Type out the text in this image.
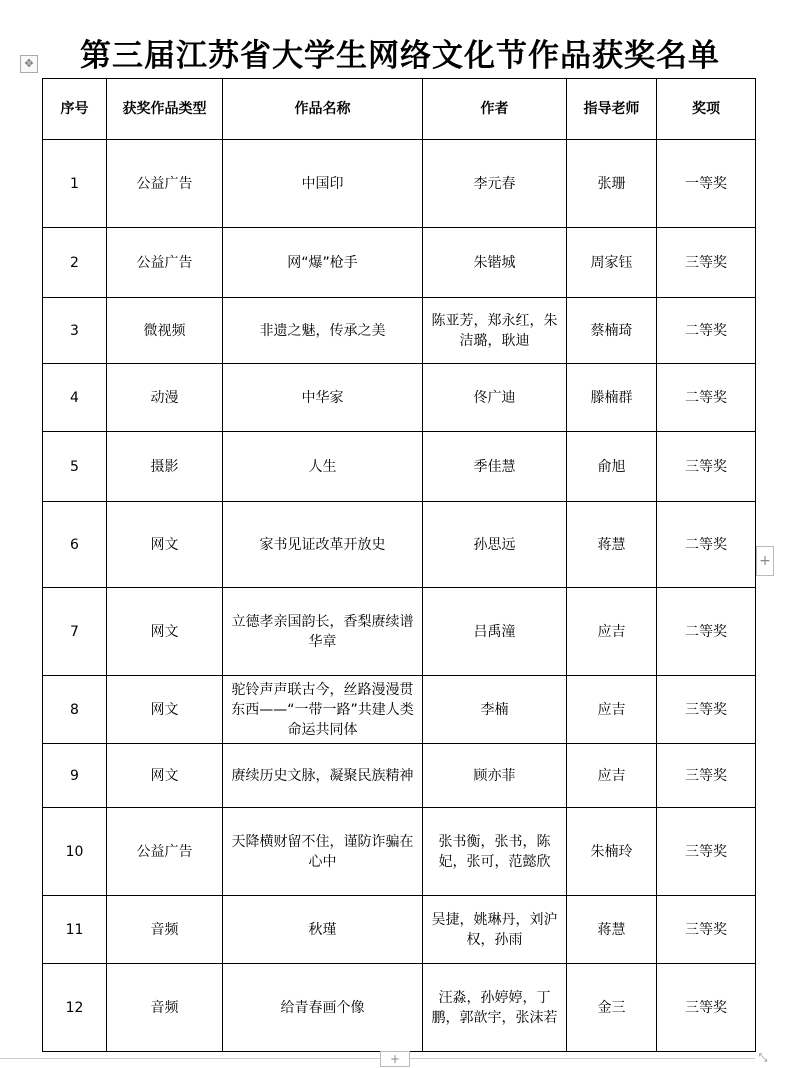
第三届江苏省大学生网络文化节作品获奖名单
✥
序号	获奖作品类型	作品名称	作者	指导老师	奖项
1	公益广告	中国印	李元春	张珊	一等奖
2	公益广告	网“爆”枪手	朱锴城	周家钰	三等奖
3	微视频	非遗之魅，传承之美	陈亚芳，郑永红，朱洁璐，耿迪	蔡楠琦	二等奖
4	动漫	中华家	佟广迪	滕楠群	二等奖
5	摄影	人生	季佳慧	俞旭	三等奖
6	网文	家书见证改革开放史	孙思远	蒋慧	二等奖
7	网文	立德孝亲国韵长，香梨赓续谱华章	吕禹潼	应吉	二等奖
8	网文	驼铃声声联古今，丝路漫漫贯东西——“一带一路”共建人类命运共同体	李楠	应吉	三等奖
9	网文	赓续历史文脉，凝聚民族精神	顾亦菲	应吉	三等奖
10	公益广告	天降横财留不住，谨防诈骗在心中	张书衡，张书，陈妃，张可，范懿欣	朱楠玲	三等奖
11	音频	秋瑾	吴捷，姚琳丹，刘沪权，孙雨	蒋慧	三等奖
12	音频	给青春画个像	汪淼，孙婷婷，丁鹏，郭歆宇，张沫若	金三	三等奖
+
+	⤡
